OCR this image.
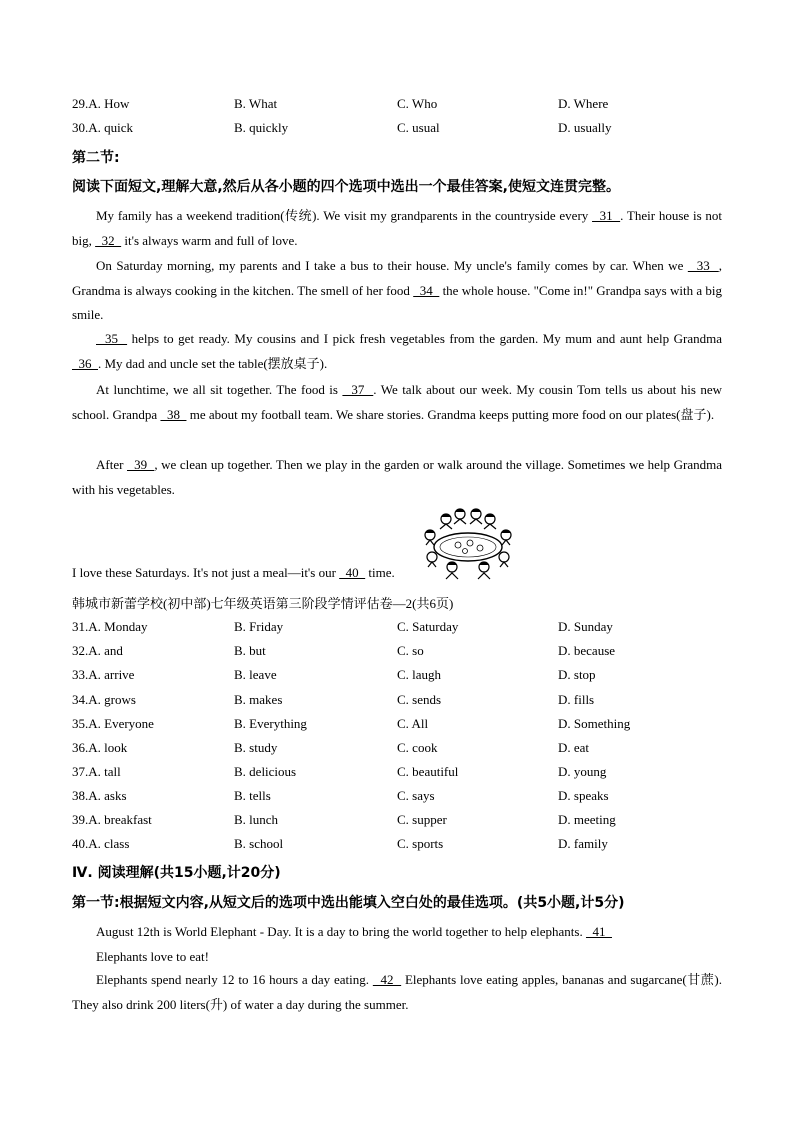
29.A. How	B. What	C. Who	D. Where
30.A. quick	B. quickly	C. usual	D. usually
第二节:
阅读下面短文,理解大意,然后从各小题的四个选项中选出一个最佳答案,使短文连贯完整。
My family has a weekend tradition(传统). We visit my grandparents in the countryside every   31  . Their house is not big,   32   it's always warm and full of love.
On Saturday morning, my parents and I take a bus to their house. My uncle's family comes by car. When we   33  , Grandma is always cooking in the kitchen. The smell of her food   34   the whole house. "Come in!" Grandpa says with a big smile.
35   helps to get ready. My cousins and I pick fresh vegetables from the garden. My mum and aunt help Grandma   36  . My dad and uncle set the table(摆放桌子).
At lunchtime, we all sit together. The food is   37  . We talk about our week. My cousin Tom tells us about his new school. Grandpa   38   me about my football team. We share stories. Grandma keeps putting more food on our plates(盘子).
After   39  , we clean up together. Then we play in the garden or walk around the village. Sometimes we help Grandma with his vegetables.
I love these Saturdays. It's not just a meal—it's our   40   time.
韩城市新蕾学校(初中部)七年级英语第三阶段学情评估卷—2(共6页)
31.A. Monday	B. Friday	C. Saturday	D. Sunday
32.A. and	B. but	C. so	D. because
33.A. arrive	B. leave	C. laugh	D. stop
34.A. grows	B. makes	C. sends	D. fills
35.A. Everyone	B. Everything	C. All	D. Something
36.A. look	B. study	C. cook	D. eat
37.A. tall	B. delicious	C. beautiful	D. young
38.A. asks	B. tells	C. says	D. speaks
39.A. breakfast	B. lunch	C. supper	D. meeting
40.A. class	B. school	C. sports	D. family
Ⅳ. 阅读理解(共15小题,计20分)
第一节:根据短文内容,从短文后的选项中选出能填入空白处的最佳选项。(共5小题,计5分)
August 12th is World Elephant - Day. It is a day to bring the world together to help elephants.   41
Elephants love to eat!
Elephants spend nearly 12 to 16 hours a day eating.   42   Elephants love eating apples, bananas and sugarcane(甘蔗). They also drink 200 liters(升) of water a day during the summer.
